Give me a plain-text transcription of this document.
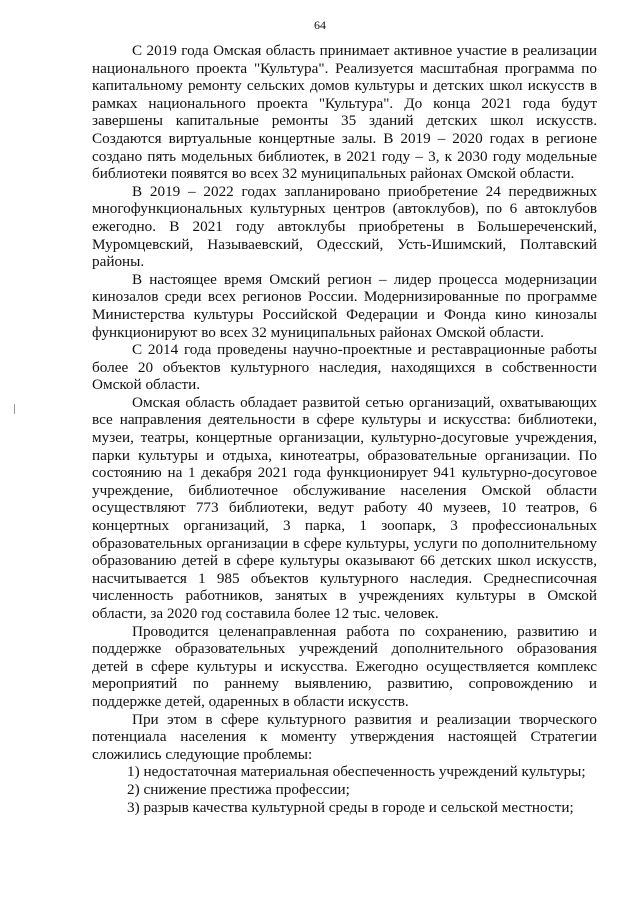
64

С 2019 года Омская область принимает активное участие в реализации национального проекта "Культура". Реализуется масштабная программа по капитальному ремонту сельских домов культуры и детских школ искусств в рамках национального проекта "Культура". До конца 2021 года будут завершены капитальные ремонты 35 зданий детских школ искусств. Создаются виртуальные концертные залы. В 2019 – 2020 годах в регионе создано пять модельных библиотек, в 2021 году – 3, к 2030 году модельные библиотеки появятся во всех 32 муниципальных районах Омской области.

В 2019 – 2022 годах запланировано приобретение 24 передвижных многофункциональных культурных центров (автоклубов), по 6 автоклубов ежегодно. В 2021 году автоклубы приобретены в Большереченский, Муромцевский, Называевский, Одесский, Усть-Ишимский, Полтавский районы.

В настоящее время Омский регион – лидер процесса модернизации кинозалов среди всех регионов России. Модернизированные по программе Министерства культуры Российской Федерации и Фонда кино кинозалы функционируют во всех 32 муниципальных районах Омской области.

С 2014 года проведены научно-проектные и реставрационные работы более 20 объектов культурного наследия, находящихся в собственности Омской области.

Омская область обладает развитой сетью организаций, охватывающих все направления деятельности в сфере культуры и искусства: библиотеки, музеи, театры, концертные организации, культурно-досуговые учреждения, парки культуры и отдыха, кинотеатры, образовательные организации. По состоянию на 1 декабря 2021 года функционирует 941 культурно-досуговое учреждение, библиотечное обслуживание населения Омской области осуществляют 773 библиотеки, ведут работу 40 музеев, 10 театров, 6 концертных организаций, 3 парка, 1 зоопарк, 3 профессиональных образовательных организации в сфере культуры, услуги по дополнительному образованию детей в сфере культуры оказывают 66 детских школ искусств, насчитывается 1 985 объектов культурного наследия. Среднесписочная численность работников, занятых в учреждениях культуры в Омской области, за 2020 год составила более 12 тыс. человек.

Проводится целенаправленная работа по сохранению, развитию и поддержке образовательных учреждений дополнительного образования детей в сфере культуры и искусства. Ежегодно осуществляется комплекс мероприятий по раннему выявлению, развитию, сопровождению и поддержке детей, одаренных в области искусств.

При этом в сфере культурного развития и реализации творческого потенциала населения к моменту утверждения настоящей Стратегии сложились следующие проблемы:

1) недостаточная материальная обеспеченность учреждений культуры;

2) снижение престижа профессии;

3) разрыв качества культурной среды в городе и сельской местности;
